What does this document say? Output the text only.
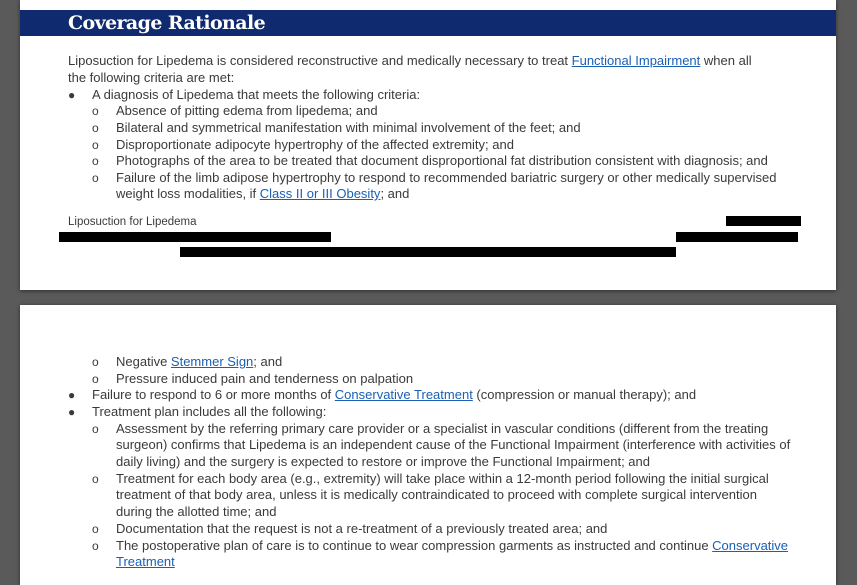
Coverage Rationale
Liposuction for Lipedema is considered reconstructive and medically necessary to treat Functional Impairment when all
the following criteria are met:
● A diagnosis of Lipedema that meets the following criteria:
o Absence of pitting edema from lipedema; and
o Bilateral and symmetrical manifestation with minimal involvement of the feet; and
o Disproportionate adipocyte hypertrophy of the affected extremity; and
o Photographs of the area to be treated that document disproportional fat distribution consistent with diagnosis; and
o Failure of the limb adipose hypertrophy to respond to recommended bariatric surgery or other medically supervised
weight loss modalities, if Class II or III Obesity; and
Liposuction for Lipedema
o Negative Stemmer Sign; and
o Pressure induced pain and tenderness on palpation
● Failure to respond to 6 or more months of Conservative Treatment (compression or manual therapy); and
● Treatment plan includes all the following:
o Assessment by the referring primary care provider or a specialist in vascular conditions (different from the treating
surgeon) confirms that Lipedema is an independent cause of the Functional Impairment (interference with activities of
daily living) and the surgery is expected to restore or improve the Functional Impairment; and
o Treatment for each body area (e.g., extremity) will take place within a 12-month period following the initial surgical
treatment of that body area, unless it is medically contraindicated to proceed with complete surgical intervention
during the allotted time; and
o Documentation that the request is not a re-treatment of a previously treated area; and
o The postoperative plan of care is to continue to wear compression garments as instructed and continue Conservative
Treatment
